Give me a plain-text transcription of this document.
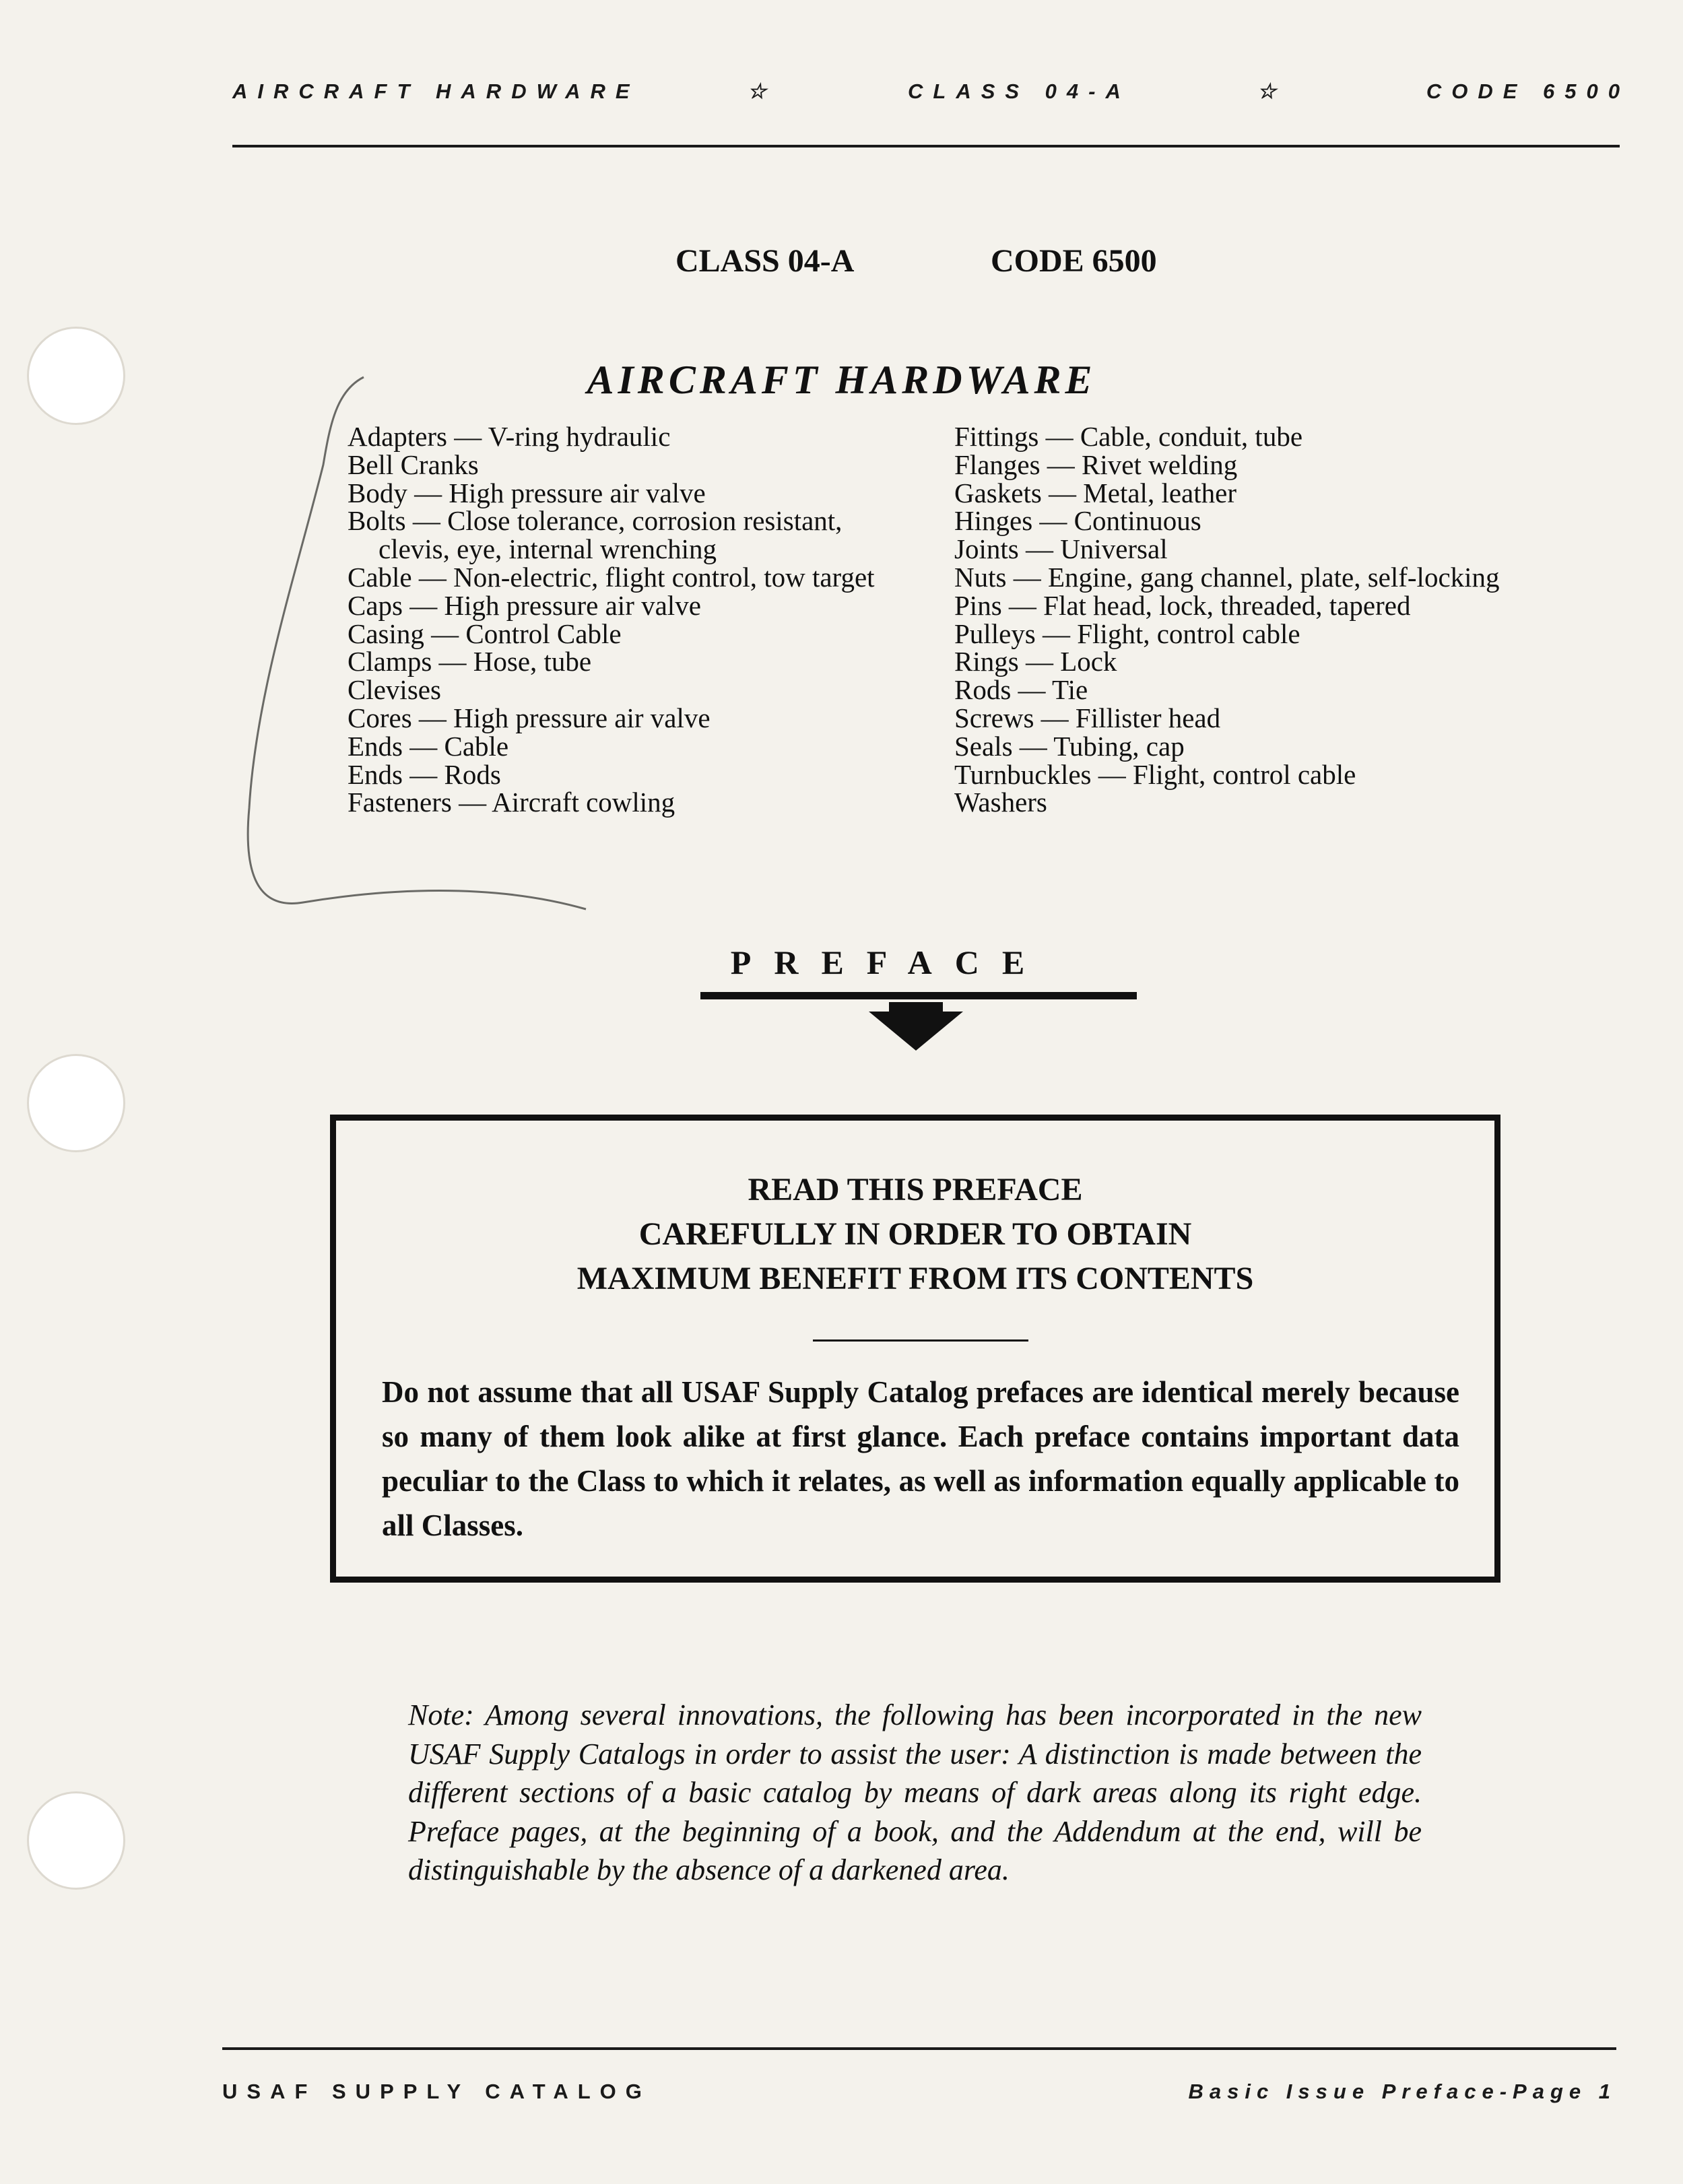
AIRCRAFT HARDWARE	☆	CLASS 04-A	☆	CODE 6500
CLASS 04-A	CODE 6500
AIRCRAFT HARDWARE
Adapters — V-ring hydraulic
Bell Cranks
Body — High pressure air valve
Bolts — Close tolerance, corrosion resistant, clevis, eye, internal wrenching
Cable — Non-electric, flight control, tow target
Caps — High pressure air valve
Casing — Control Cable
Clamps — Hose, tube
Clevises
Cores — High pressure air valve
Ends — Cable
Ends — Rods
Fasteners — Aircraft cowling
Fittings — Cable, conduit, tube
Flanges — Rivet welding
Gaskets — Metal, leather
Hinges — Continuous
Joints — Universal
Nuts — Engine, gang channel, plate, self-locking
Pins — Flat head, lock, threaded, tapered
Pulleys — Flight, control cable
Rings — Lock
Rods — Tie
Screws — Fillister head
Seals — Tubing, cap
Turnbuckles — Flight, control cable
Washers
PREFACE
READ THIS PREFACE
CAREFULLY IN ORDER TO OBTAIN
MAXIMUM BENEFIT FROM ITS CONTENTS
Do not assume that all USAF Supply Catalog prefaces are identical merely because so many of them look alike at first glance. Each preface contains important data peculiar to the Class to which it relates, as well as information equally applicable to all Classes.
Note: Among several innovations, the following has been incorporated in the new USAF Supply Catalogs in order to assist the user: A distinction is made between the different sections of a basic catalog by means of dark areas along its right edge. Preface pages, at the beginning of a book, and the Addendum at the end, will be distinguishable by the absence of a darkened area.
USAF SUPPLY CATALOG	Basic Issue Preface-Page 1
